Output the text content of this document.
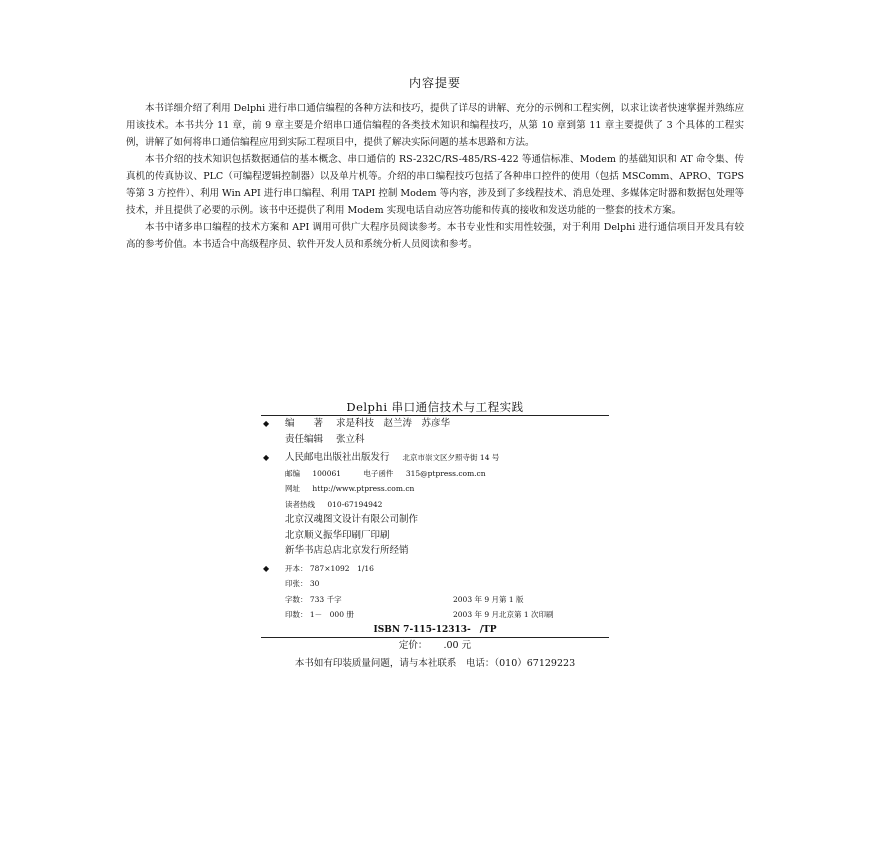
内容提要

本书详细介绍了利用 Delphi 进行串口通信编程的各种方法和技巧，提供了详尽的讲解、充分的示例和工程实例，以求让读者快速掌握并熟练应用该技术。本书共分 11 章，前 9 章主要是介绍串口通信编程的各类技术知识和编程技巧，从第 10 章到第 11 章主要提供了 3 个具体的工程实例，讲解了如何将串口通信编程应用到实际工程项目中，提供了解决实际问题的基本思路和方法。

本书介绍的技术知识包括数据通信的基本概念、串口通信的 RS-232C/RS-485/RS-422 等通信标准、Modem 的基础知识和 AT 命令集、传真机的传真协议、PLC（可编程逻辑控制器）以及单片机等。介绍的串口编程技巧包括了各种串口控件的使用（包括 MSComm、APRO、TGPS 等第 3 方控件）、利用 Win API 进行串口编程、利用 TAPI 控制 Modem 等内容，涉及到了多线程技术、消息处理、多媒体定时器和数据包处理等技术，并且提供了必要的示例。该书中还提供了利用 Modem 实现电话自动应答功能和传真的接收和发送功能的一整套的技术方案。

本书中诸多串口编程的技术方案和 API 调用可供广大程序员阅读参考。本书专业性和实用性较强，对于利用 Delphi 进行通信项目开发具有较高的参考价值。本书适合中高级程序员、软件开发人员和系统分析人员阅读和参考。

Delphi 串口通信技术与工程实践
◆ 编　　著 求是科技　赵兰涛　苏彦华
责任编辑 张立科
◆ 人民邮电出版社出版发行 北京市崇文区夕照寺街 14 号
邮编 100061	电子函件 315@ptpress.com.cn
网址 http://www.ptpress.com.cn
读者热线 010-67194942
北京汉魂图文设计有限公司制作
北京顺义振华印刷厂印刷
新华书店总店北京发行所经销
◆ 开本： 787×1092　1/16
印张： 30
字数： 733 千字	2003 年 9 月第 1 版
印数： 1－　000 册	2003 年 9 月北京第 1 次印刷
ISBN 7-115-12313-　/TP
定价： .00 元
本书如有印装质量问题，请与本社联系　电话：（010）67129223
